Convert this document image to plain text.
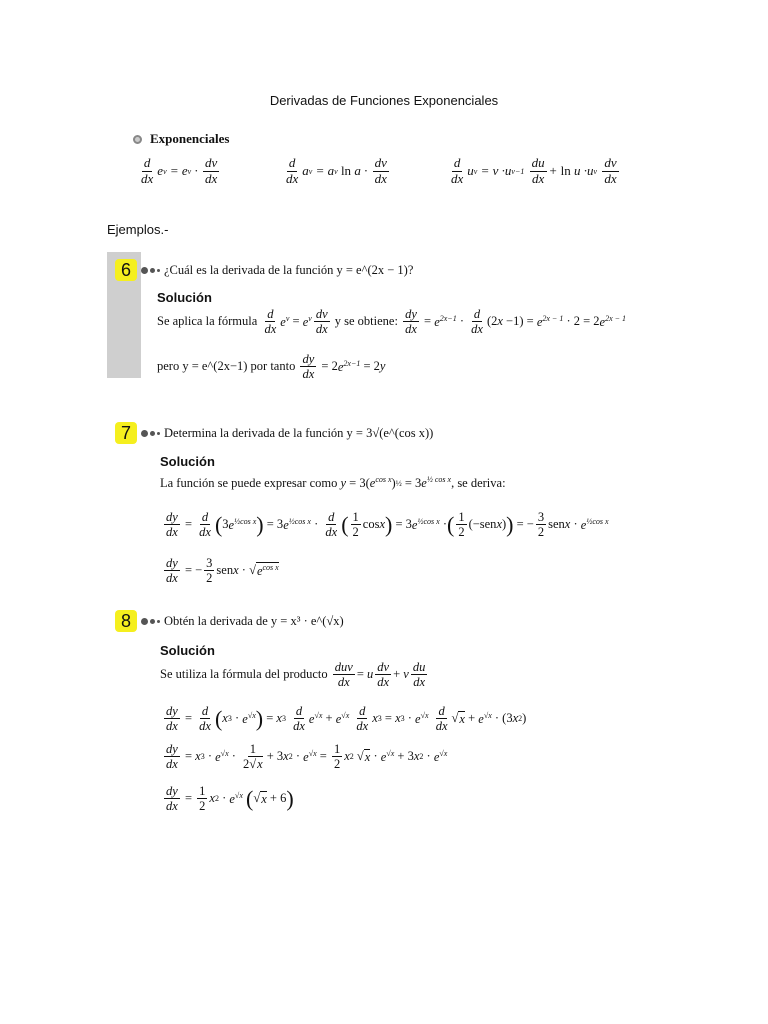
Derivadas de Funciones Exponenciales
Exponenciales
$\frac{d}{dx}$ e v = e $v \cdot \frac{dv}{dx}$	$\frac{d}{dx}$ a v = a v
$\ln a \cdot \frac{dv}{dx}$	$\frac{d}{dx}$ u v = v ·u v−1
$\frac{du}{dx} + \ln u \cdot u$ v
$\frac{dv}{dx}$
Ejemplos.-
6	¿Cuál es la derivada de la función y = e^(2x − 1)?
Solución
Se aplica la fórmula
$\frac{d}{dx} e^v = e^v \frac{dv}{dx}$
y se obtiene:
$\frac{dy}{dx} = e^{2x-1} \cdot \frac{d}{dx} (2$ $x -1) = e^{2x - 1} \cdot 2 = 2$ $e^{2x - 1}$
pero y = e^(2x−1) por tanto
$\frac{dy}{dx} = 2$ $e^{2x-1} = 2$ y
7	Determina la derivada de la función y = 3√(e^(cos x))
Solución
La función se puede expresar como
y = 3( $e^{cos x}$ ) ½ = 3 $e^{\frac{1}{2} cos x}$ , se deriva:
$\frac{dy}{dx} = \frac{d}{dx}$ ( 3 $e^{\frac{1}{2}cos x}$ ) = 3 $e^{\frac{1}{2}cos x} \cdot \frac{d}{dx}$ ( $\frac{1}{2}$ cos x ) = 3 $e^{\frac{1}{2}cos x}$ · ( $\frac{1}{2} (-sen$ x ) ) = − $\frac{3}{2}$ sen $x \cdot e^{\frac{1}{2}cos x}$
$\frac{dy}{dx}$ = − $\frac{3}{2}$ sen x · √ $e^{cos x}$
8	Obtén la derivada de y = x³ · e^(√x)
Solución
Se utiliza la fórmula del producto
$\frac{\text{duv}}{dx} = u \frac{dv}{dx} + v \frac{du}{dx}$
$\frac{dy}{dx} = \frac{d}{dx}$ ( x $3 \cdot e^{√x}$ ) = x 3
$\frac{d}{dx} e^{√x} + e^{√x}$
$\frac{d}{dx}$ x 3 = x $3 \cdot e^{√x}$
$\frac{d}{dx}$ √ $x + e^{√x} \cdot (3$ x 2 )
$\frac{dy}{dx} = x$ $3 \cdot e^{√x} \cdot \frac{1}{2√x} + 3$ x $2 \cdot e^{√x} = \frac{1}{2}$ x 2 √ $x \cdot e^{√x} + 3$ x $2 \cdot e^{√x}$
$\frac{dy}{dx} = \frac{1}{2}$ x $2 \cdot e^{√x}$
( √ x + 6 )
